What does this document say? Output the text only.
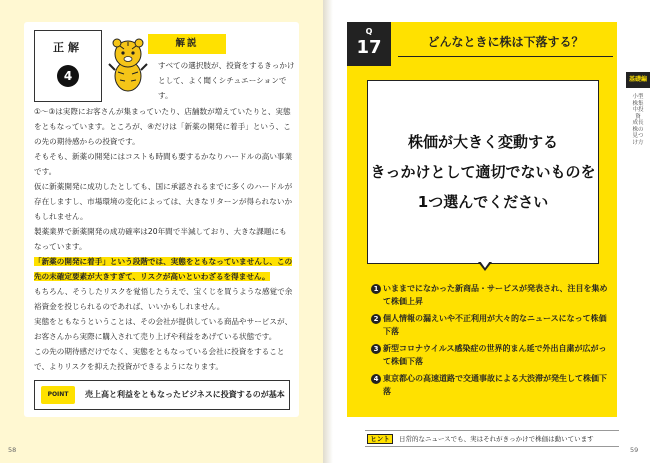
正解
4
解説
すべての選択肢が、投資をするきっかけとして、よく聞くシチュエーションです。

①〜③は実際にお客さんが集まっていたり、店舗数が増えていたりと、実態をともなっています。ところが、④だけは「新薬の開発に着手」という、この先の期待感からの投資です。

そもそも、新薬の開発にはコストも時間も要するかなりハードルの高い事業です。

仮に新薬開発に成功したとしても、国に承認されるまでに多くのハードルが存在しますし、市場環境の変化によっては、大きなリターンが得られないかもしれません。

製薬業界で新薬開発の成功確率は20年間で半減しており、大きな課題にもなっています。

「新薬の開発に着手」という段階では、実態をともなっていませんし、この先の未確定要素が大きすぎて、リスクが高いといわざるを得ません。

もちろん、そうしたリスクを覚悟したうえで、宝くじを買うような感覚で余裕資金を投じられるのであれば、いいかもしれません。

実態をともなうということは、その会社が提供している商品やサービスが、お客さんから実際に購入されて売り上げや利益をあげている状態です。

この先の期待感だけでなく、実態をともなっている会社に投資をすることで、よりリスクを抑えた投資ができるようになります。

POINT	売上高と利益をともなったビジネスに投資するのが基本
58
Q
17	どんなときに株は下落する？
株価が大きく変動する
きっかけとして適切でないものを
1つ選んでください
1 いままでになかった新商品・サービスが発表され、注目を集めて株価上昇
2 個人情報の漏えいや不正利用が大々的なニュースになって株価下落
3 新型コロナウイルス感染症の世界的まん延で外出自粛が広がって株価下落
4 東京都心の高速道路で交通事故による大渋滞が発生して株価下落
ヒント	日常的なニュースでも、実はそれがきっかけで株価は動いています
基礎編
小型株集中投資 成長株の見つけ方
59
